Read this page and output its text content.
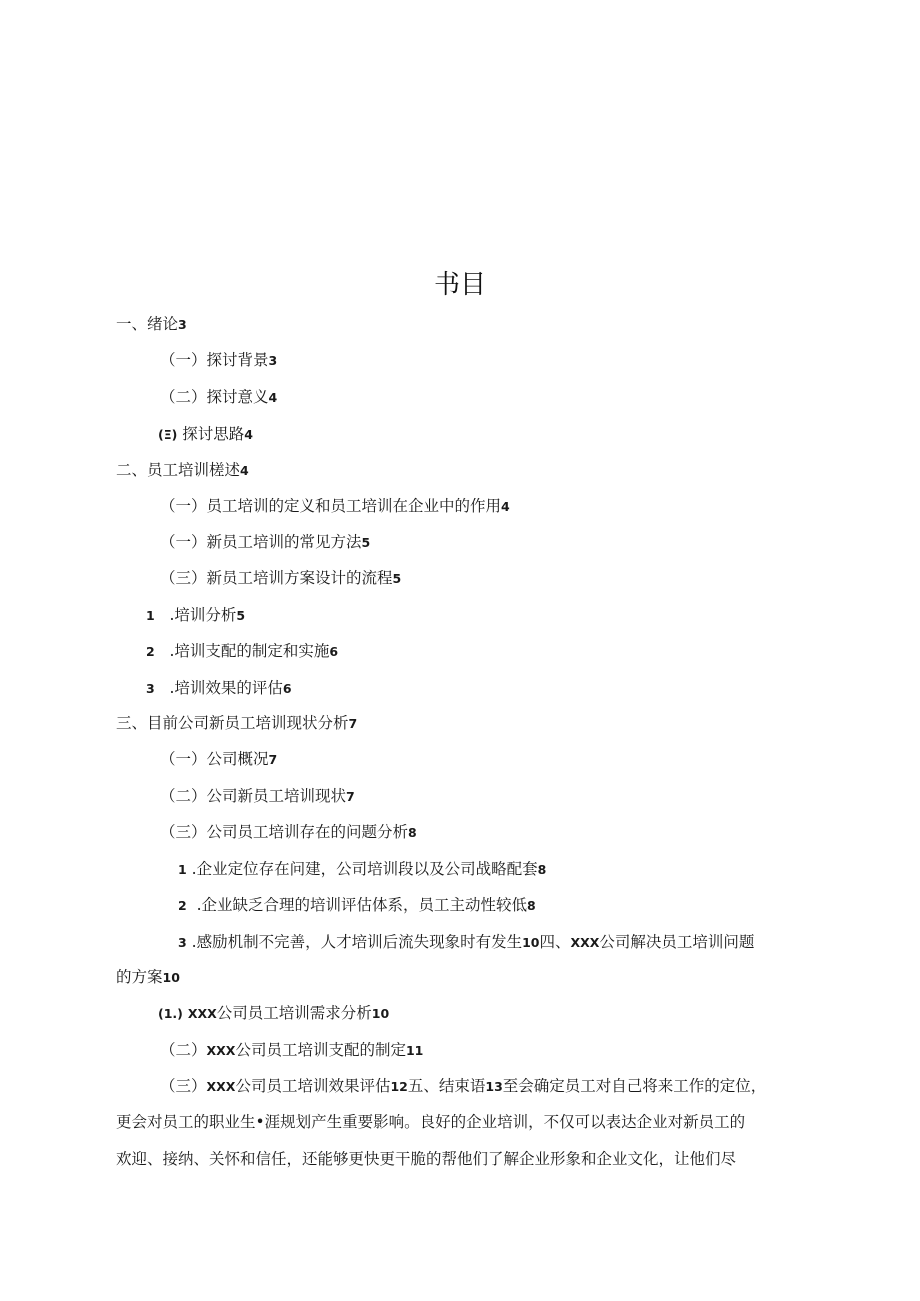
书目
一、绪论3
（一）探讨背景3
（二）探讨意义4
(Ξ) 探讨思路4
二、员工培训槎述4
（一）员工培训的定义和员工培训在企业中的作用4
（一）新员工培训的常见方法5
（三）新员工培训方案设计的流程5
1 .培训分析5
2 .培训支配的制定和实施6
3 .培训效果的评估6
三、目前公司新员工培训现状分析7
（一）公司概况7
（二）公司新员工培训现状7
（三）公司员工培训存在的问题分析8
1 .企业定位存在问建，公司培训段以及公司战略配套8
2 .企业缺乏合理的培训评估体系，员工主动性较低8
3 .感励机制不完善，人才培训后流失现象时有发生10四、XXX公司解决员工培训问题
的方案10
(1.) XXX公司员工培训需求分析10
（二）XXX公司员工培训支配的制定11
（三）XXX公司员工培训效果评估12五、结束语13至会确定员工对自己将来工作的定位，
更会对员工的职业生•涯规划产生重要影响。良好的企业培训，不仅可以表达企业对新员工的
欢迎、接纳、关怀和信任，还能够更快更干脆的帮他们了解企业形象和企业文化，让他们尽
